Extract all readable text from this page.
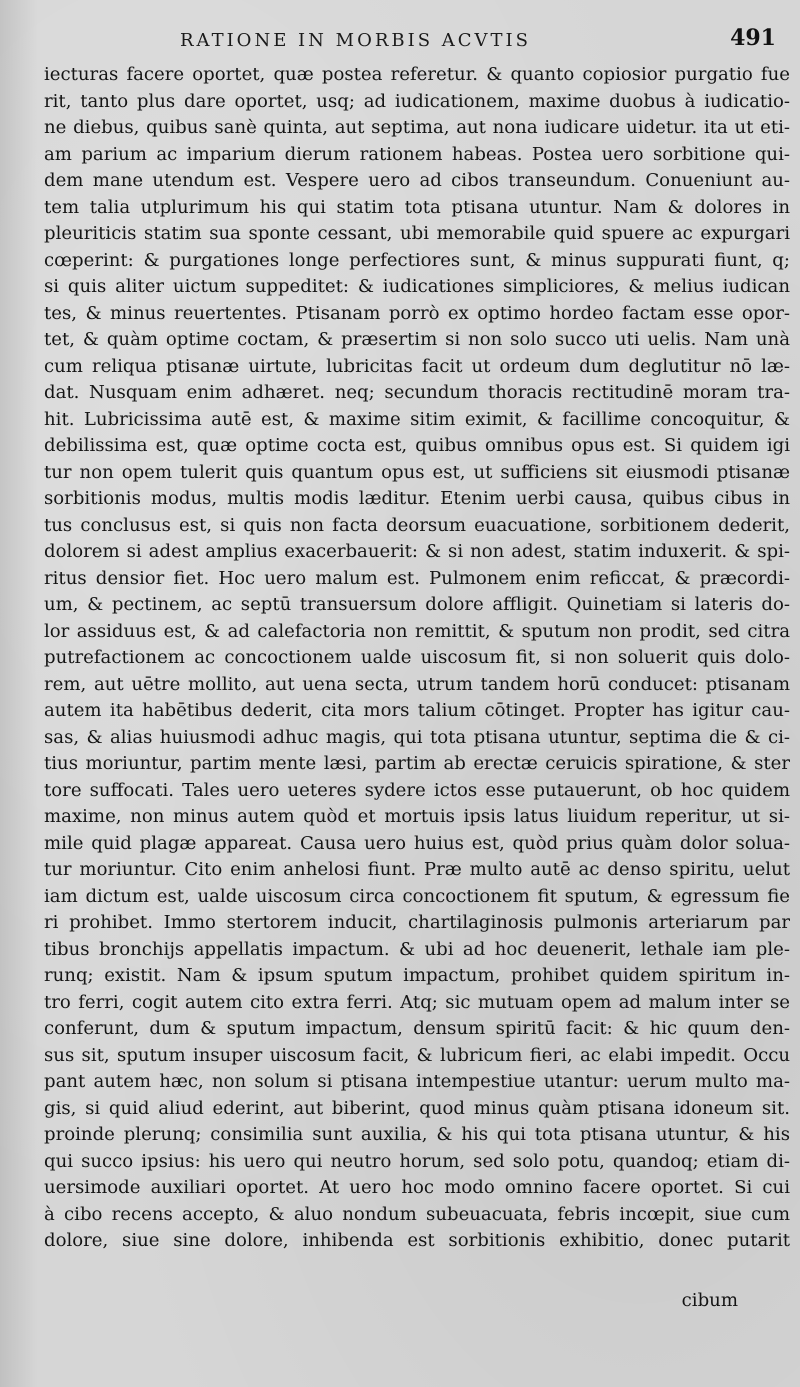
RATIONE IN MORBIS ACVTIS	491
iecturas facere oportet, quæ postea referetur. & quanto copiosior purgatio fue
rit, tanto plus dare oportet, usq; ad iudicationem, maxime duobus à iudicatio-
ne diebus, quibus sanè quinta, aut septima, aut nona iudicare uidetur. ita ut eti-
am parium ac imparium dierum rationem habeas. Postea uero sorbitione qui-
dem mane utendum est. Vespere uero ad cibos transeundum. Conueniunt au-
tem talia utplurimum his qui statim tota ptisana utuntur. Nam & dolores in
pleuriticis statim sua sponte cessant, ubi memorabile quid spuere ac expurgari
cœperint: & purgationes longe perfectiores sunt, & minus suppurati fiunt, q;
si quis aliter uictum suppeditet: & iudicationes simpliciores, & melius iudican
tes, & minus reuertentes. Ptisanam porrò ex optimo hordeo factam esse opor-
tet, & quàm optime coctam, & præsertim si non solo succo uti uelis. Nam unà
cum reliqua ptisanæ uirtute, lubricitas facit ut ordeum dum deglutitur nō læ-
dat. Nusquam enim adhæret. neq; secundum thoracis rectitudinē moram tra-
hit. Lubricissima autē est, & maxime sitim eximit, & facillime concoquitur, &
debilissima est, quæ optime cocta est, quibus omnibus opus est. Si quidem igi
tur non opem tulerit quis quantum opus est, ut sufficiens sit eiusmodi ptisanæ
sorbitionis modus, multis modis læditur. Etenim uerbi causa, quibus cibus in
tus conclusus est, si quis non facta deorsum euacuatione, sorbitionem dederit,
dolorem si adest amplius exacerbauerit: & si non adest, statim induxerit. & spi-
ritus densior fiet. Hoc uero malum est. Pulmonem enim reficcat, & præcordi-
um, & pectinem, ac septū transuersum dolore affligit. Quinetiam si lateris do-
lor assiduus est, & ad calefactoria non remittit, & sputum non prodit, sed citra
putrefactionem ac concoctionem ualde uiscosum fit, si non soluerit quis dolo-
rem, aut uētre mollito, aut uena secta, utrum tandem horū conducet: ptisanam
autem ita habētibus dederit, cita mors talium cōtinget. Propter has igitur cau-
sas, & alias huiusmodi adhuc magis, qui tota ptisana utuntur, septima die & ci-
tius moriuntur, partim mente læsi, partim ab erectæ ceruicis spiratione, & ster
tore suffocati. Tales uero ueteres sydere ictos esse putauerunt, ob hoc quidem
maxime, non minus autem quòd et mortuis ipsis latus liuidum reperitur, ut si-
mile quid plagæ appareat. Causa uero huius est, quòd prius quàm dolor solua-
tur moriuntur. Cito enim anhelosi fiunt. Præ multo autē ac denso spiritu, uelut
iam dictum est, ualde uiscosum circa concoctionem fit sputum, & egressum fie
ri prohibet. Immo stertorem inducit, chartilaginosis pulmonis arteriarum par
tibus bronchijs appellatis impactum. & ubi ad hoc deuenerit, lethale iam ple-
runq; existit. Nam & ipsum sputum impactum, prohibet quidem spiritum in-
tro ferri, cogit autem cito extra ferri. Atq; sic mutuam opem ad malum inter se
conferunt, dum & sputum impactum, densum spiritū facit: & hic quum den-
sus sit, sputum insuper uiscosum facit, & lubricum fieri, ac elabi impedit. Occu
pant autem hæc, non solum si ptisana intempestiue utantur: uerum multo ma-
gis, si quid aliud ederint, aut biberint, quod minus quàm ptisana idoneum sit.
proinde plerunq; consimilia sunt auxilia, & his qui tota ptisana utuntur, & his
qui succo ipsius: his uero qui neutro horum, sed solo potu, quandoq; etiam di-
uersimode auxiliari oportet. At uero hoc modo omnino facere oportet. Si cui
à cibo recens accepto, & aluo nondum subeuacuata, febris incœpit, siue cum
dolore, siue sine dolore, inhibenda est sorbitionis exhibitio, donec putarit
cibum
